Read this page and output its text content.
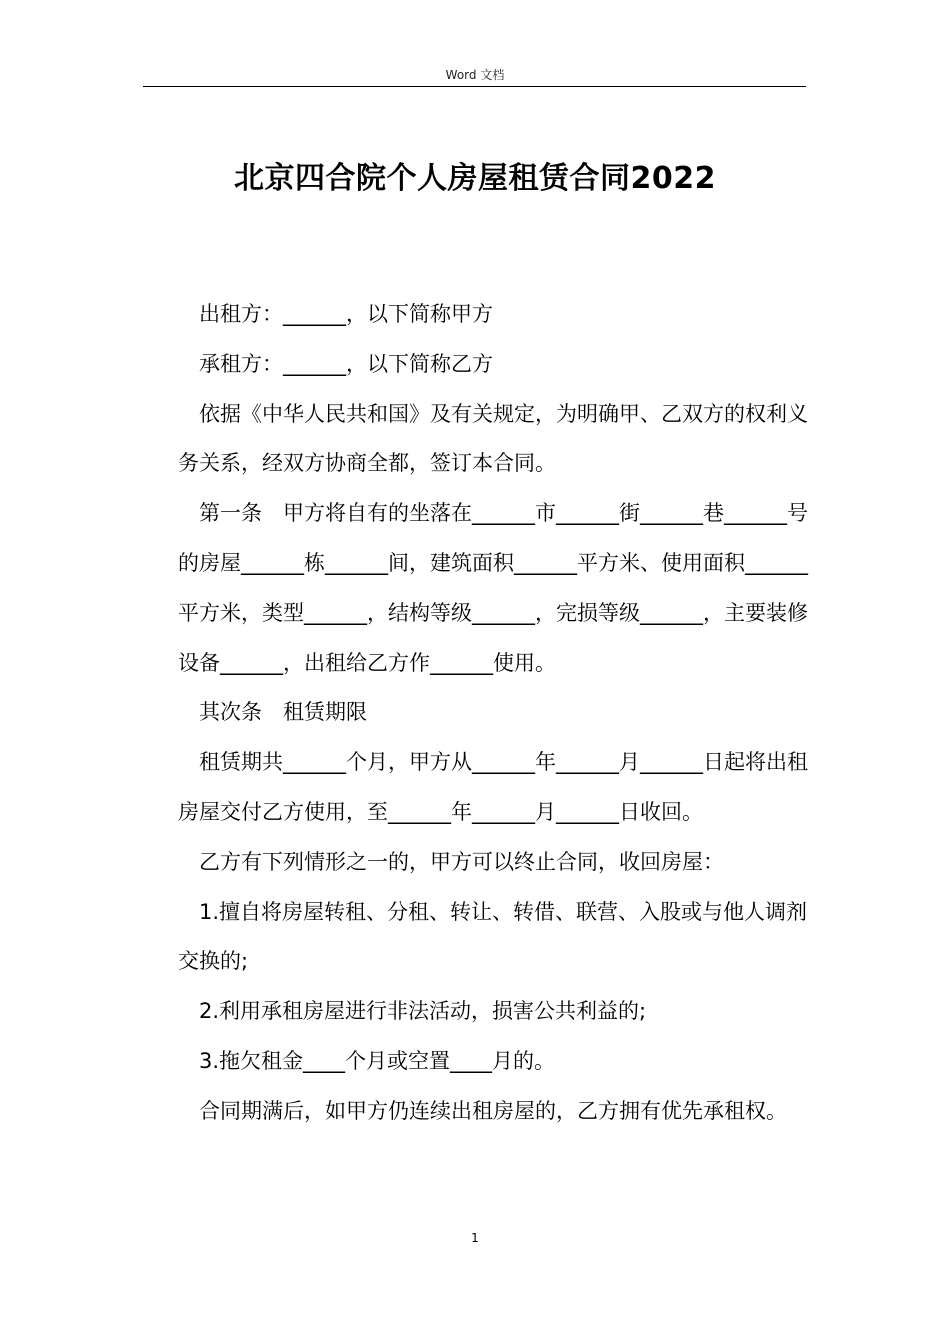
Word 文档
北京四合院个人房屋租赁合同2022

出租方：______，以下简称甲方

承租方：______，以下简称乙方

依据《中华人民共和国》及有关规定，为明确甲、乙双方的权利义务关系，经双方协商全都，签订本合同。

第一条　甲方将自有的坐落在______市______街______巷______号的房屋______栋______间，建筑面积______平方米、使用面积______平方米，类型______，结构等级______，完损等级______，主要装修设备______，出租给乙方作______使用。

其次条　租赁期限

租赁期共______个月，甲方从______年______月______日起将出租房屋交付乙方使用，至______年______月______日收回。

乙方有下列情形之一的，甲方可以终止合同，收回房屋：

1.擅自将房屋转租、分租、转让、转借、联营、入股或与他人调剂交换的;

2.利用承租房屋进行非法活动，损害公共利益的;

3.拖欠租金____个月或空置____月的。

合同期满后，如甲方仍连续出租房屋的，乙方拥有优先承租权。

1
